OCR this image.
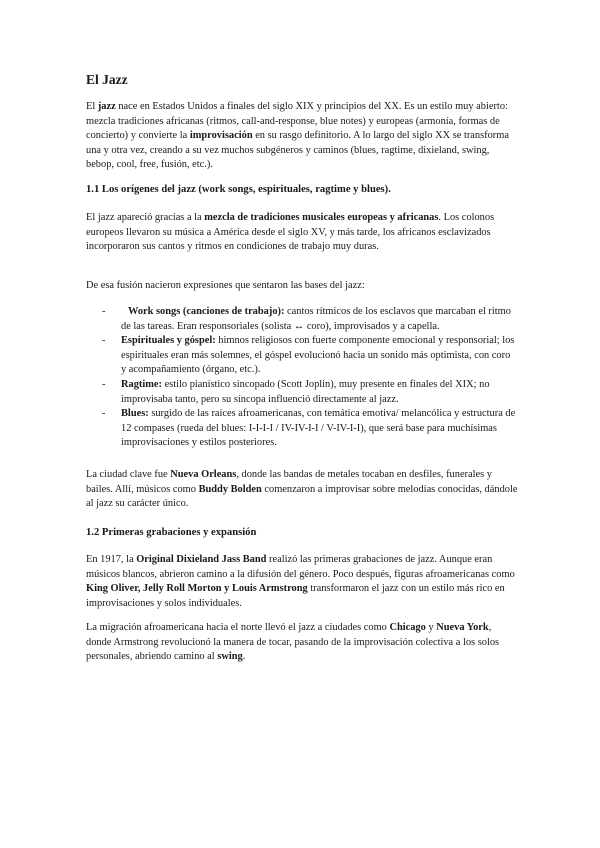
El Jazz

El jazz nace en Estados Unidos a finales del siglo XIX y principios del XX. Es un estilo muy abierto: mezcla tradiciones africanas (ritmos, call-and-response, blue notes) y europeas (armonía, formas de concierto) y convierte la improvisación en su rasgo definitorio. A lo largo del siglo XX se transforma una y otra vez, creando a su vez muchos subgéneros y caminos (blues, ragtime, dixieland, swing, bebop, cool, free, fusión, etc.).

1.1 Los orígenes del jazz (work songs, espirituales, ragtime y blues).

El jazz apareció gracias a la mezcla de tradiciones musicales europeas y africanas. Los colonos europeos llevaron su música a América desde el siglo XV, y más tarde, los africanos esclavizados incorporaron sus cantos y ritmos en condiciones de trabajo muy duras.

De esa fusión nacieron expresiones que sentaron las bases del jazz:

- Work songs (canciones de trabajo): cantos rítmicos de los esclavos que marcaban el ritmo de las tareas. Eran responsoriales (solista ↔ coro), improvisados y a capella.
- Espirituales y góspel: himnos religiosos con fuerte componente emocional y responsorial; los espirituales eran más solemnes, el góspel evolucionó hacia un sonido más optimista, con coro y acompañamiento (órgano, etc.).
- Ragtime: estilo pianístico sincopado (Scott Joplin), muy presente en finales del XIX; no improvisaba tanto, pero su síncopa influenció directamente al jazz.
- Blues: surgido de las raíces afroamericanas, con temática emotiva/ melancólica y estructura de 12 compases (rueda del blues: I-I-I-I / IV-IV-I-I / V-IV-I-I), que será base para muchísimas improvisaciones y estilos posteriores.

La ciudad clave fue Nueva Orleans, donde las bandas de metales tocaban en desfiles, funerales y bailes. Allí, músicos como Buddy Bolden comenzaron a improvisar sobre melodías conocidas, dándole al jazz su carácter único.

1.2 Primeras grabaciones y expansión

En 1917, la Original Dixieland Jass Band realizó las primeras grabaciones de jazz. Aunque eran músicos blancos, abrieron camino a la difusión del género. Poco después, figuras afroamericanas como King Oliver, Jelly Roll Morton y Louis Armstrong transformaron el jazz con un estilo más rico en improvisaciones y solos individuales.

La migración afroamericana hacia el norte llevó el jazz a ciudades como Chicago y Nueva York, donde Armstrong revolucionó la manera de tocar, pasando de la improvisación colectiva a los solos personales, abriendo camino al swing.
